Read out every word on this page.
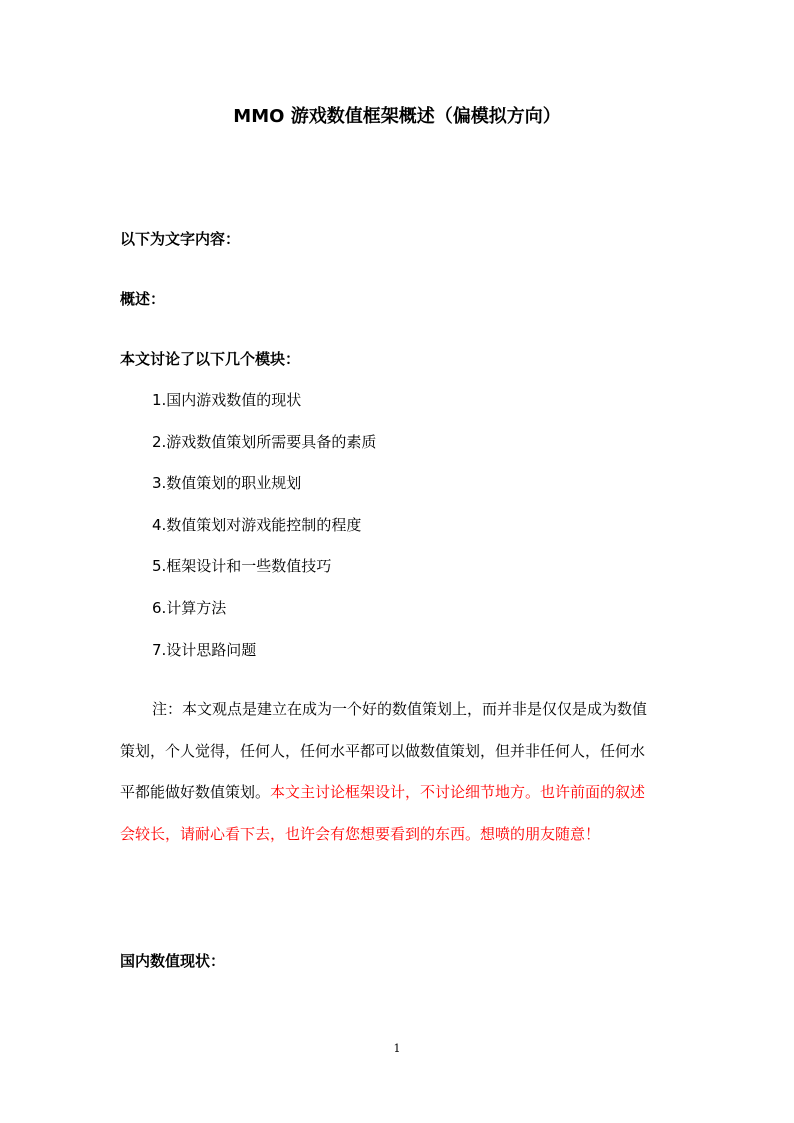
MMO 游戏数值框架概述（偏模拟方向）
以下为文字内容：
概述：
本文讨论了以下几个模块：
1.国内游戏数值的现状
2.游戏数值策划所需要具备的素质
3.数值策划的职业规划
4.数值策划对游戏能控制的程度
5.框架设计和一些数值技巧
6.计算方法
7.设计思路问题
注：本文观点是建立在成为一个好的数值策划上，而并非是仅仅是成为数值
策划，个人觉得，任何人，任何水平都可以做数值策划，但并非任何人，任何水
平都能做好数值策划。本文主讨论框架设计，不讨论细节地方。也许前面的叙述
会较长，请耐心看下去，也许会有您想要看到的东西。想喷的朋友随意！
国内数值现状：
1
